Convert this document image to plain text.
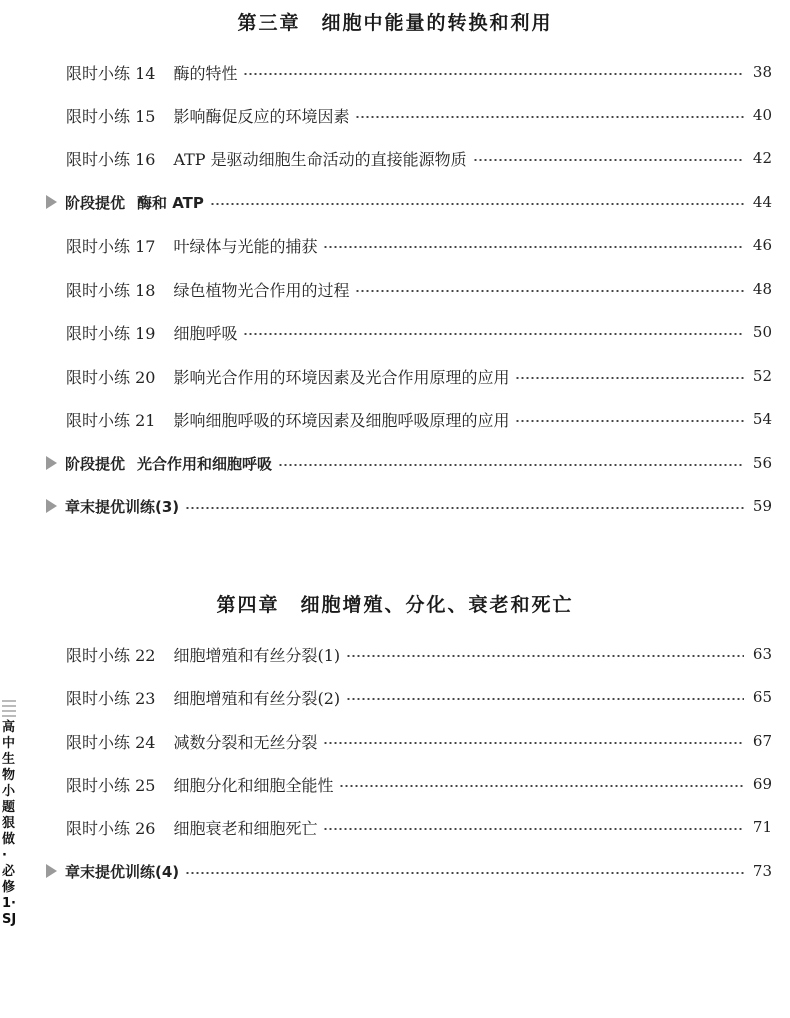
第三章　细胞中能量的转换和利用
限时小练 14 酶的特性	38
限时小练 15 影响酶促反应的环境因素	40
限时小练 16 ATP 是驱动细胞生命活动的直接能源物质	42
阶段提优 酶和 ATP	44
限时小练 17 叶绿体与光能的捕获	46
限时小练 18 绿色植物光合作用的过程	48
限时小练 19 细胞呼吸	50
限时小练 20 影响光合作用的环境因素及光合作用原理的应用	52
限时小练 21 影响细胞呼吸的环境因素及细胞呼吸原理的应用	54
阶段提优 光合作用和细胞呼吸	56
章末提优训练(3)	59
第四章　细胞增殖、分化、衰老和死亡
限时小练 22 细胞增殖和有丝分裂(1)	63
限时小练 23 细胞增殖和有丝分裂(2)	65
限时小练 24 减数分裂和无丝分裂	67
限时小练 25 细胞分化和细胞全能性	69
限时小练 26 细胞衰老和细胞死亡	71
章末提优训练(4)	73
高中生物 小题狠做·必修1·SJ
